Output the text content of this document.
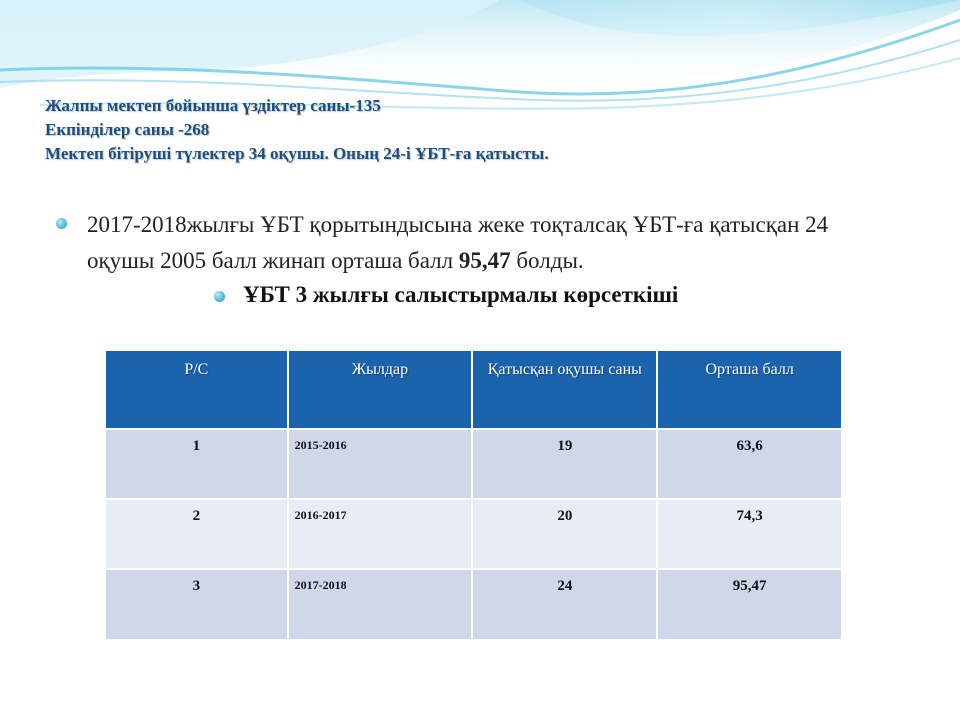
Жалпы мектеп бойынша үздіктер саны-135
Екпінділер саны -268
Мектеп бітіруші түлектер 34 оқушы. Оның 24-і ҰБТ-ға қатысты.
2017-2018жылғы ҰБТ қорытындысына жеке тоқталсақ ҰБТ-ға қатысқан 24 оқушы 2005 балл жинап орташа балл 95,47 болды.
ҰБТ 3 жылғы салыстырмалы көрсеткіші
Р/С	Жылдар	Қатысқан оқушы саны	Орташа балл
1	2015-2016	19	63,6
2	2016-2017	20	74,3
3	2017-2018	24	95,47
